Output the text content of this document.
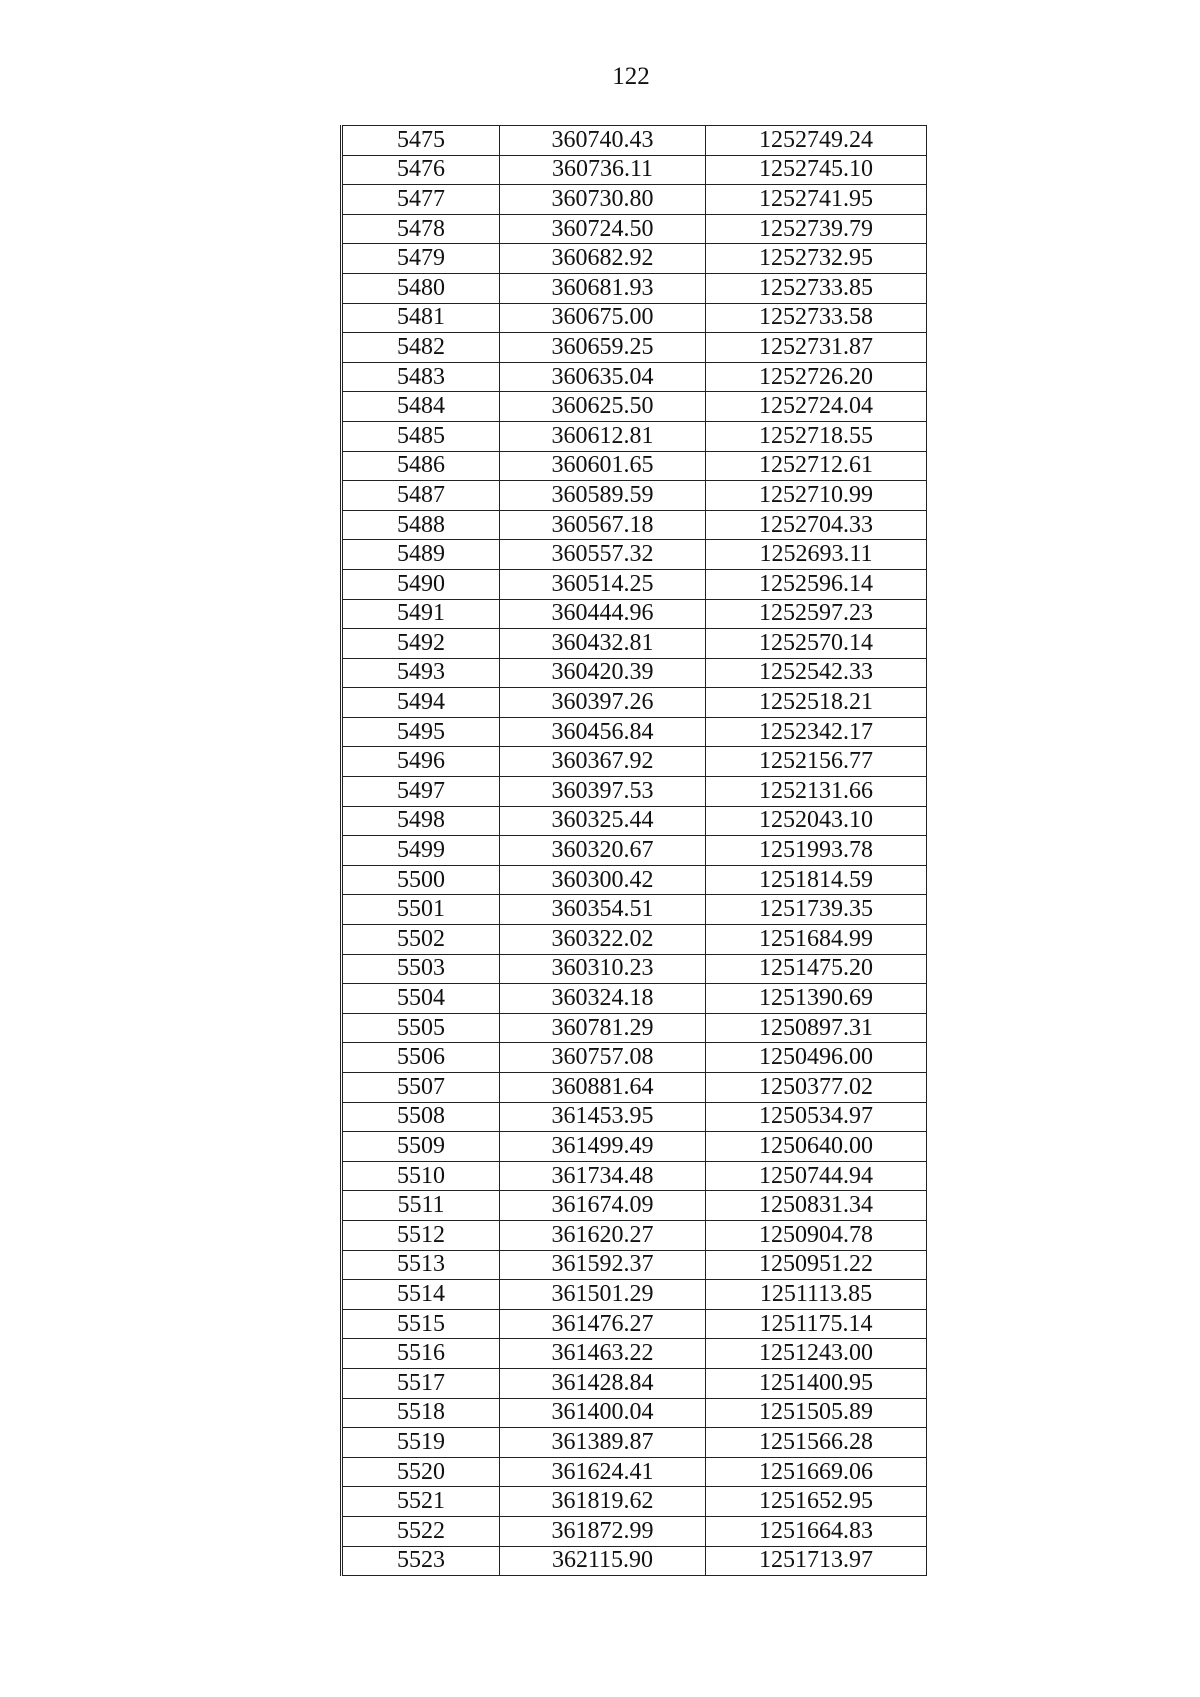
122
5475	360740.43	1252749.24
5476	360736.11	1252745.10
5477	360730.80	1252741.95
5478	360724.50	1252739.79
5479	360682.92	1252732.95
5480	360681.93	1252733.85
5481	360675.00	1252733.58
5482	360659.25	1252731.87
5483	360635.04	1252726.20
5484	360625.50	1252724.04
5485	360612.81	1252718.55
5486	360601.65	1252712.61
5487	360589.59	1252710.99
5488	360567.18	1252704.33
5489	360557.32	1252693.11
5490	360514.25	1252596.14
5491	360444.96	1252597.23
5492	360432.81	1252570.14
5493	360420.39	1252542.33
5494	360397.26	1252518.21
5495	360456.84	1252342.17
5496	360367.92	1252156.77
5497	360397.53	1252131.66
5498	360325.44	1252043.10
5499	360320.67	1251993.78
5500	360300.42	1251814.59
5501	360354.51	1251739.35
5502	360322.02	1251684.99
5503	360310.23	1251475.20
5504	360324.18	1251390.69
5505	360781.29	1250897.31
5506	360757.08	1250496.00
5507	360881.64	1250377.02
5508	361453.95	1250534.97
5509	361499.49	1250640.00
5510	361734.48	1250744.94
5511	361674.09	1250831.34
5512	361620.27	1250904.78
5513	361592.37	1250951.22
5514	361501.29	1251113.85
5515	361476.27	1251175.14
5516	361463.22	1251243.00
5517	361428.84	1251400.95
5518	361400.04	1251505.89
5519	361389.87	1251566.28
5520	361624.41	1251669.06
5521	361819.62	1251652.95
5522	361872.99	1251664.83
5523	362115.90	1251713.97
